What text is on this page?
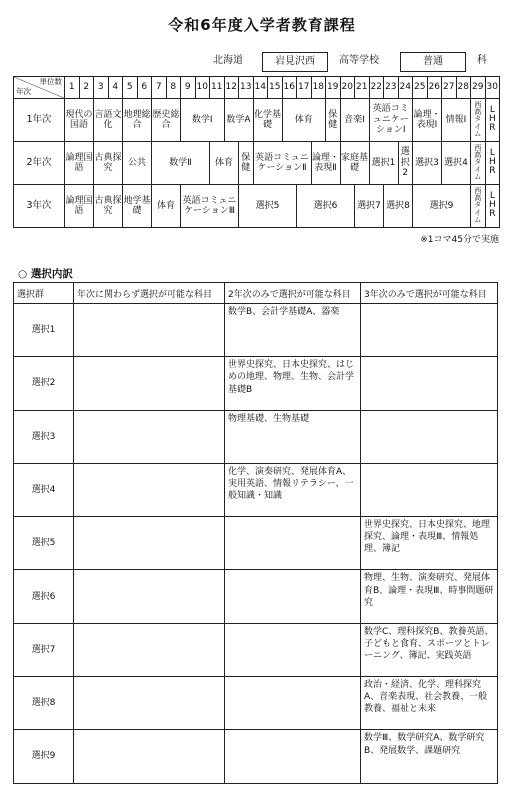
令和6年度入学者教育課程
北海道	岩見沢西	高等学校	普通	科
単位数
年次	1	2	3	4	5	6	7	8	9	10	11	12	13	14	15	16	17	18	19	20	21	22	23	24	25	26	27	28	29	30
1年次	現代の国語		言語文化		地理総合		歴史総合		数学Ⅰ			数学A		化学基礎		体育			保健	音楽Ⅰ		英語コミュニケーションⅠ			論理・表現Ⅰ		情報Ⅰ		西高タイム	LHR
2年次	論理国語		古典探究		公共		数学Ⅱ				体育		保健	英語コミュニケーションⅡ				論理・表現Ⅱ		家庭基礎		選択1		選択2	選択3		選択4		西高タイム	LHR
3年次	論理国語		古典探究		地学基礎		体育		英語コミュニケーションⅢ				選択5				選択6				選択7		選択8		選択9				西高タイム	LHR
※1コマ45分で実施
○ 選択内訳
選択群	年次に関わらず選択が可能な科目	2年次のみで選択が可能な科目	3年次のみで選択が可能な科目
選択1		数学B、会計学基礎A、器楽	
選択2		世界史探究、日本史探究、はじめの地理、物理、生物、会計学基礎B	
選択3		物理基礎、生物基礎	
選択4		化学、演奏研究、発展体育A、実用英語、情報リテラシー、一般知識・知識	
選択5			世界史探究、日本史探究、地理探究、論理・表現Ⅲ、情報処理、簿記
選択6			物理、生物、演奏研究、発展体育B、論理・表現Ⅲ、時事問題研究
選択7			数学C、理科探究B、教養英語、子どもと食育、スポーツとトレーニング、簿記、実践英語
選択8			政治・経済、化学、理科探究A、音楽表現、社会教養、一般教養、福祉と未来
選択9			数学Ⅲ、数学研究A、数学研究B、発展数学、課題研究
